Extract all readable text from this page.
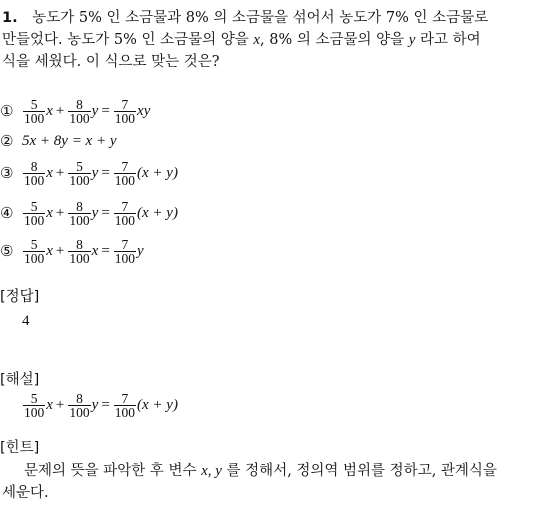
1. 농도가 5% 인 소금물과 8% 의 소금물을 섞어서 농도가 7% 인 소금물로
만들었다. 농도가 5% 인 소금물의 양을 x, 8% 의 소금물의 양을 y 라고 하여
식을 세웠다. 이 식으로 맞는 것은?
① $\frac{5}{100}$ $x + \frac{8}{100}$ $y = \frac{7}{100}$ xy
② 5x + 8y = x + y
③ $\frac{8}{100}$ $x + \frac{5}{100}$ $y = \frac{7}{100} (x + y)$
④ $\frac{5}{100}$ $x + \frac{8}{100}$ $y = \frac{7}{100} (x + y)$
⑤ $\frac{5}{100}$ $x + \frac{8}{100}$ $x = \frac{7}{100}$ y
[정답]
4
[해설]
$\frac{5}{100}$ $x + \frac{8}{100}$ $y = \frac{7}{100} (x + y)$
[힌트]
문제의 뜻을 파악한 후 변수 x, y 를 정해서, 정의역 범위를 정하고, 관계식을
세운다.
